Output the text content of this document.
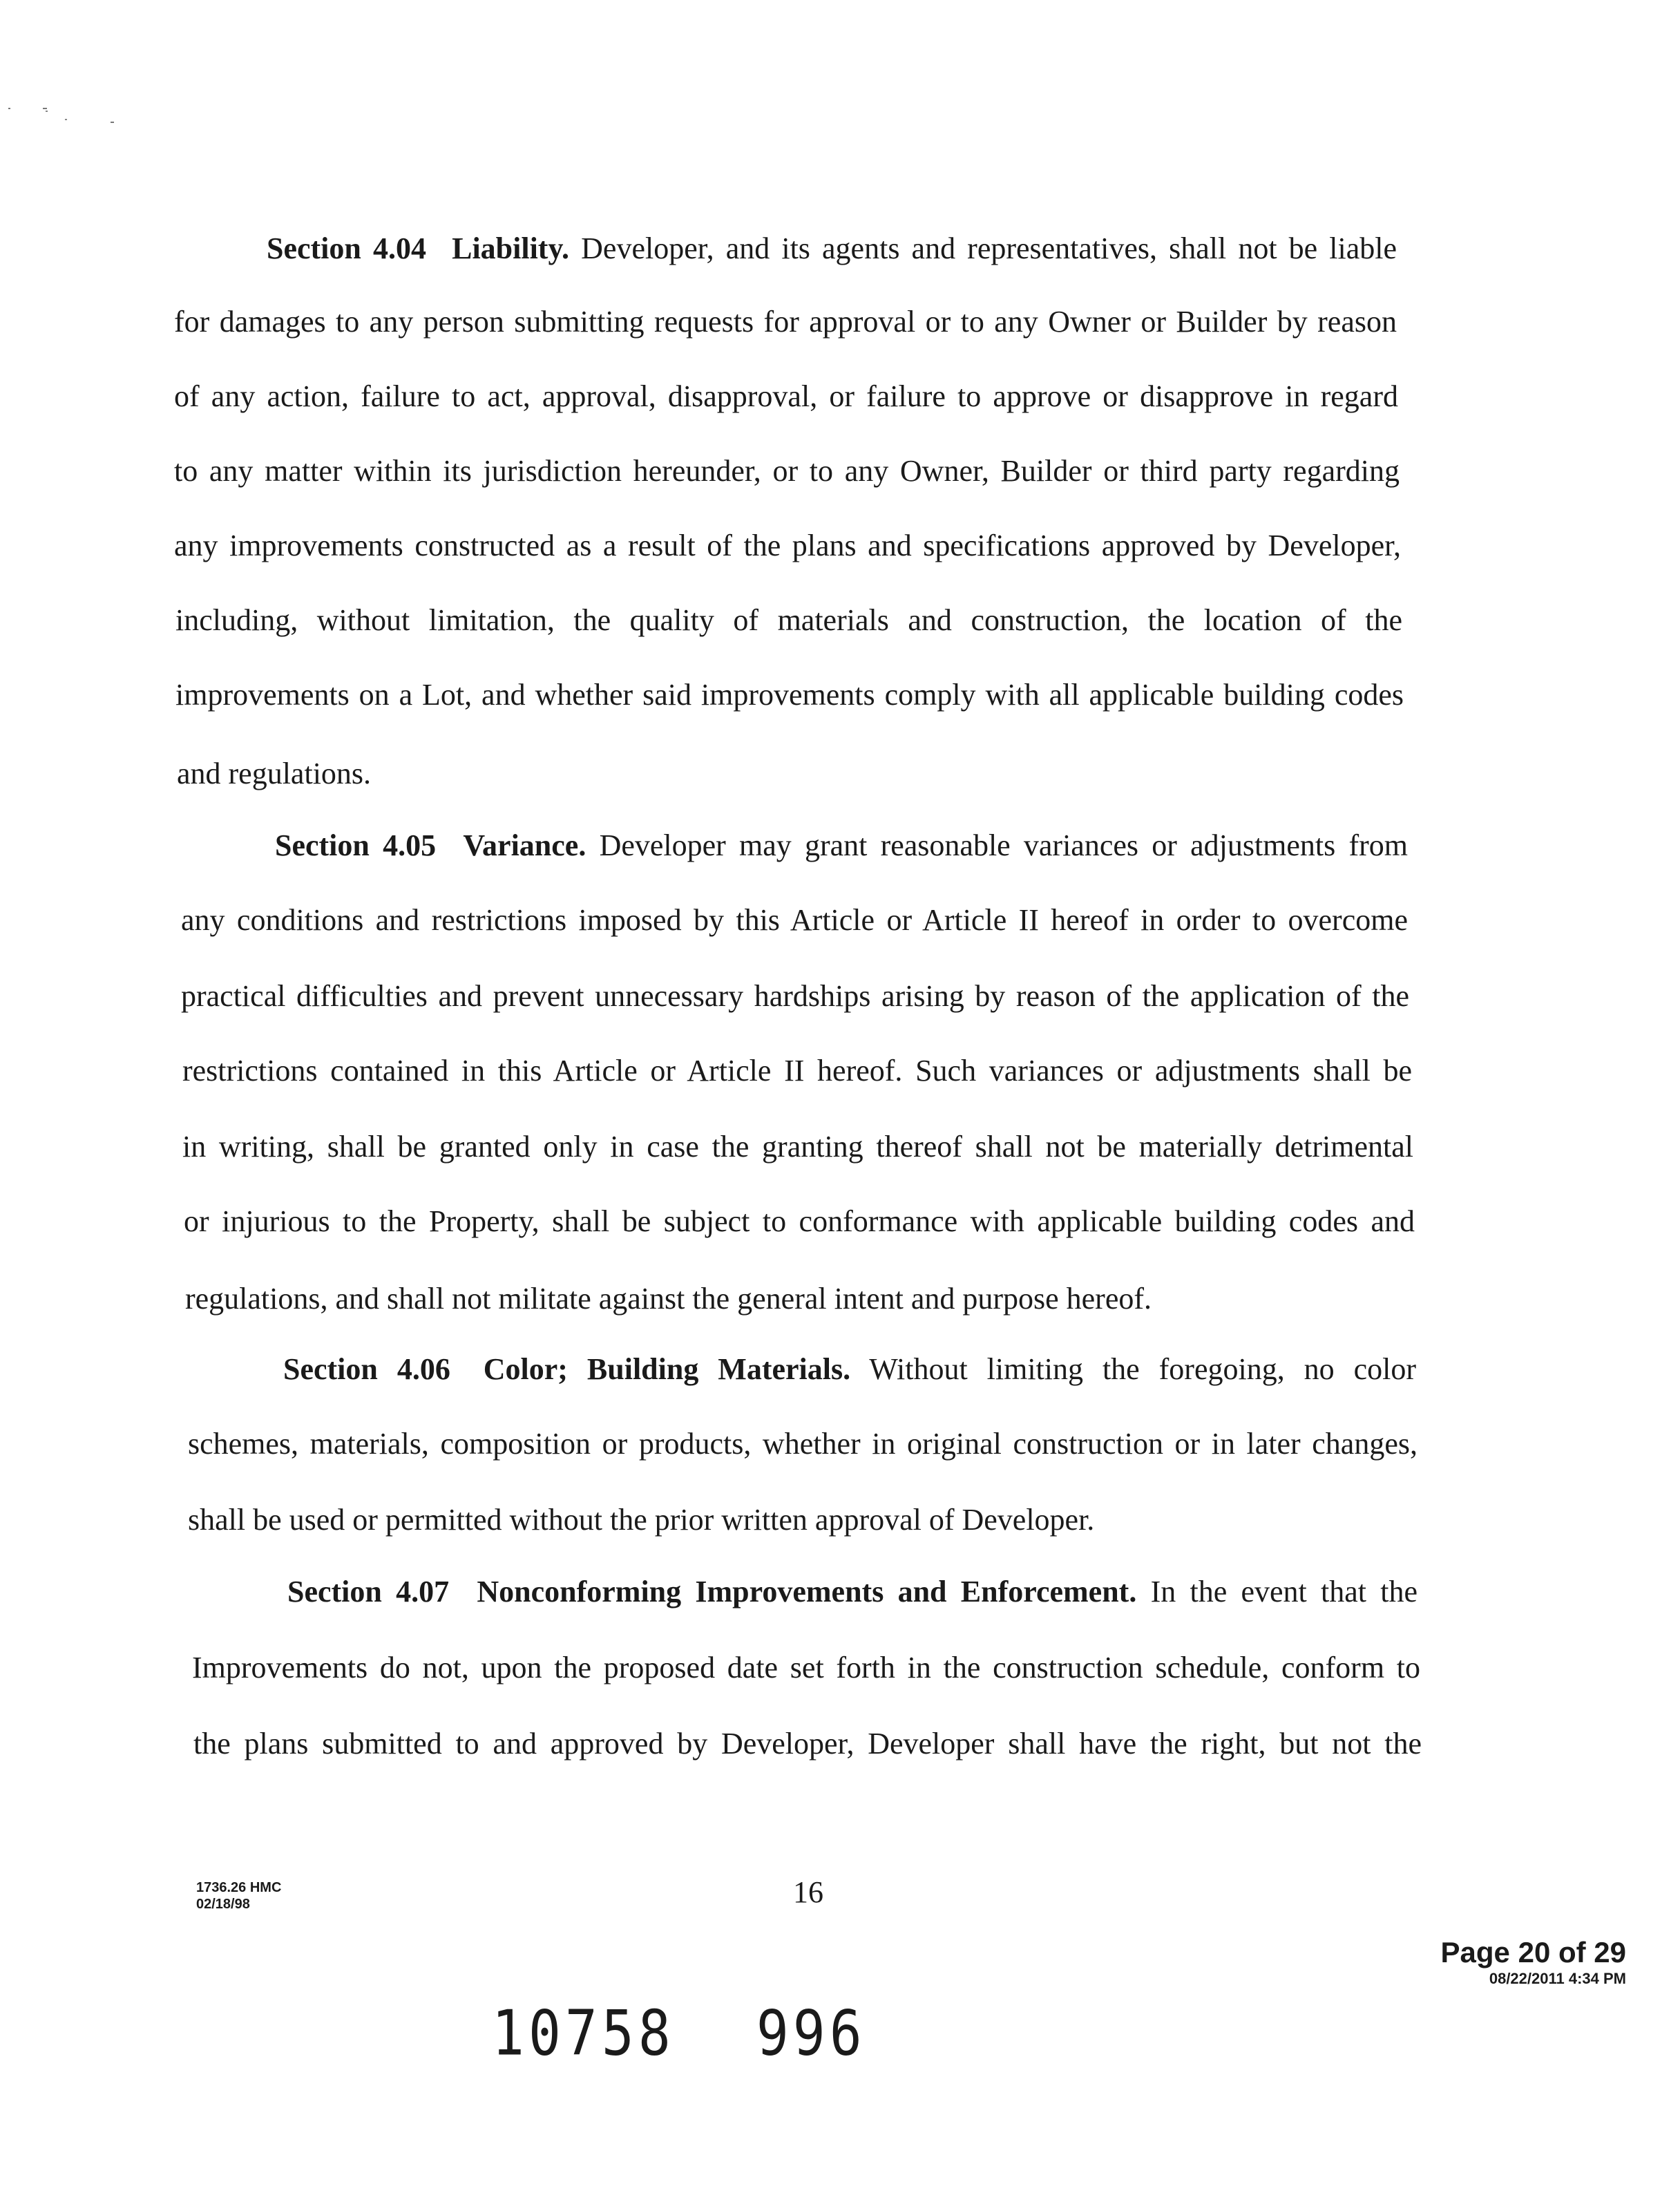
Section 4.04 Liability. Developer, and its agents and representatives, shall not be liable
for damages to any person submitting requests for approval or to any Owner or Builder by reason
of any action, failure to act, approval, disapproval, or failure to approve or disapprove in regard
to any matter within its jurisdiction hereunder, or to any Owner, Builder or third party regarding
any improvements constructed as a result of the plans and specifications approved by Developer,
including, without limitation, the quality of materials and construction, the location of the
improvements on a Lot, and whether said improvements comply with all applicable building codes
and regulations.
Section 4.05 Variance. Developer may grant reasonable variances or adjustments from
any conditions and restrictions imposed by this Article or Article II hereof in order to overcome
practical difficulties and prevent unnecessary hardships arising by reason of the application of the
restrictions contained in this Article or Article II hereof. Such variances or adjustments shall be
in writing, shall be granted only in case the granting thereof shall not be materially detrimental
or injurious to the Property, shall be subject to conformance with applicable building codes and
regulations, and shall not militate against the general intent and purpose hereof.
Section 4.06 Color; Building Materials. Without limiting the foregoing, no color
schemes, materials, composition or products, whether in original construction or in later changes,
shall be used or permitted without the prior written approval of Developer.
Section 4.07 Nonconforming Improvements and Enforcement. In the event that the
Improvements do not, upon the proposed date set forth in the construction schedule, conform to
the plans submitted to and approved by Developer, Developer shall have the right, but not the
1736.26 HMC
02/18/98	16
Page 20 of 29
08/22/2011 4:34 PM
10758 996
